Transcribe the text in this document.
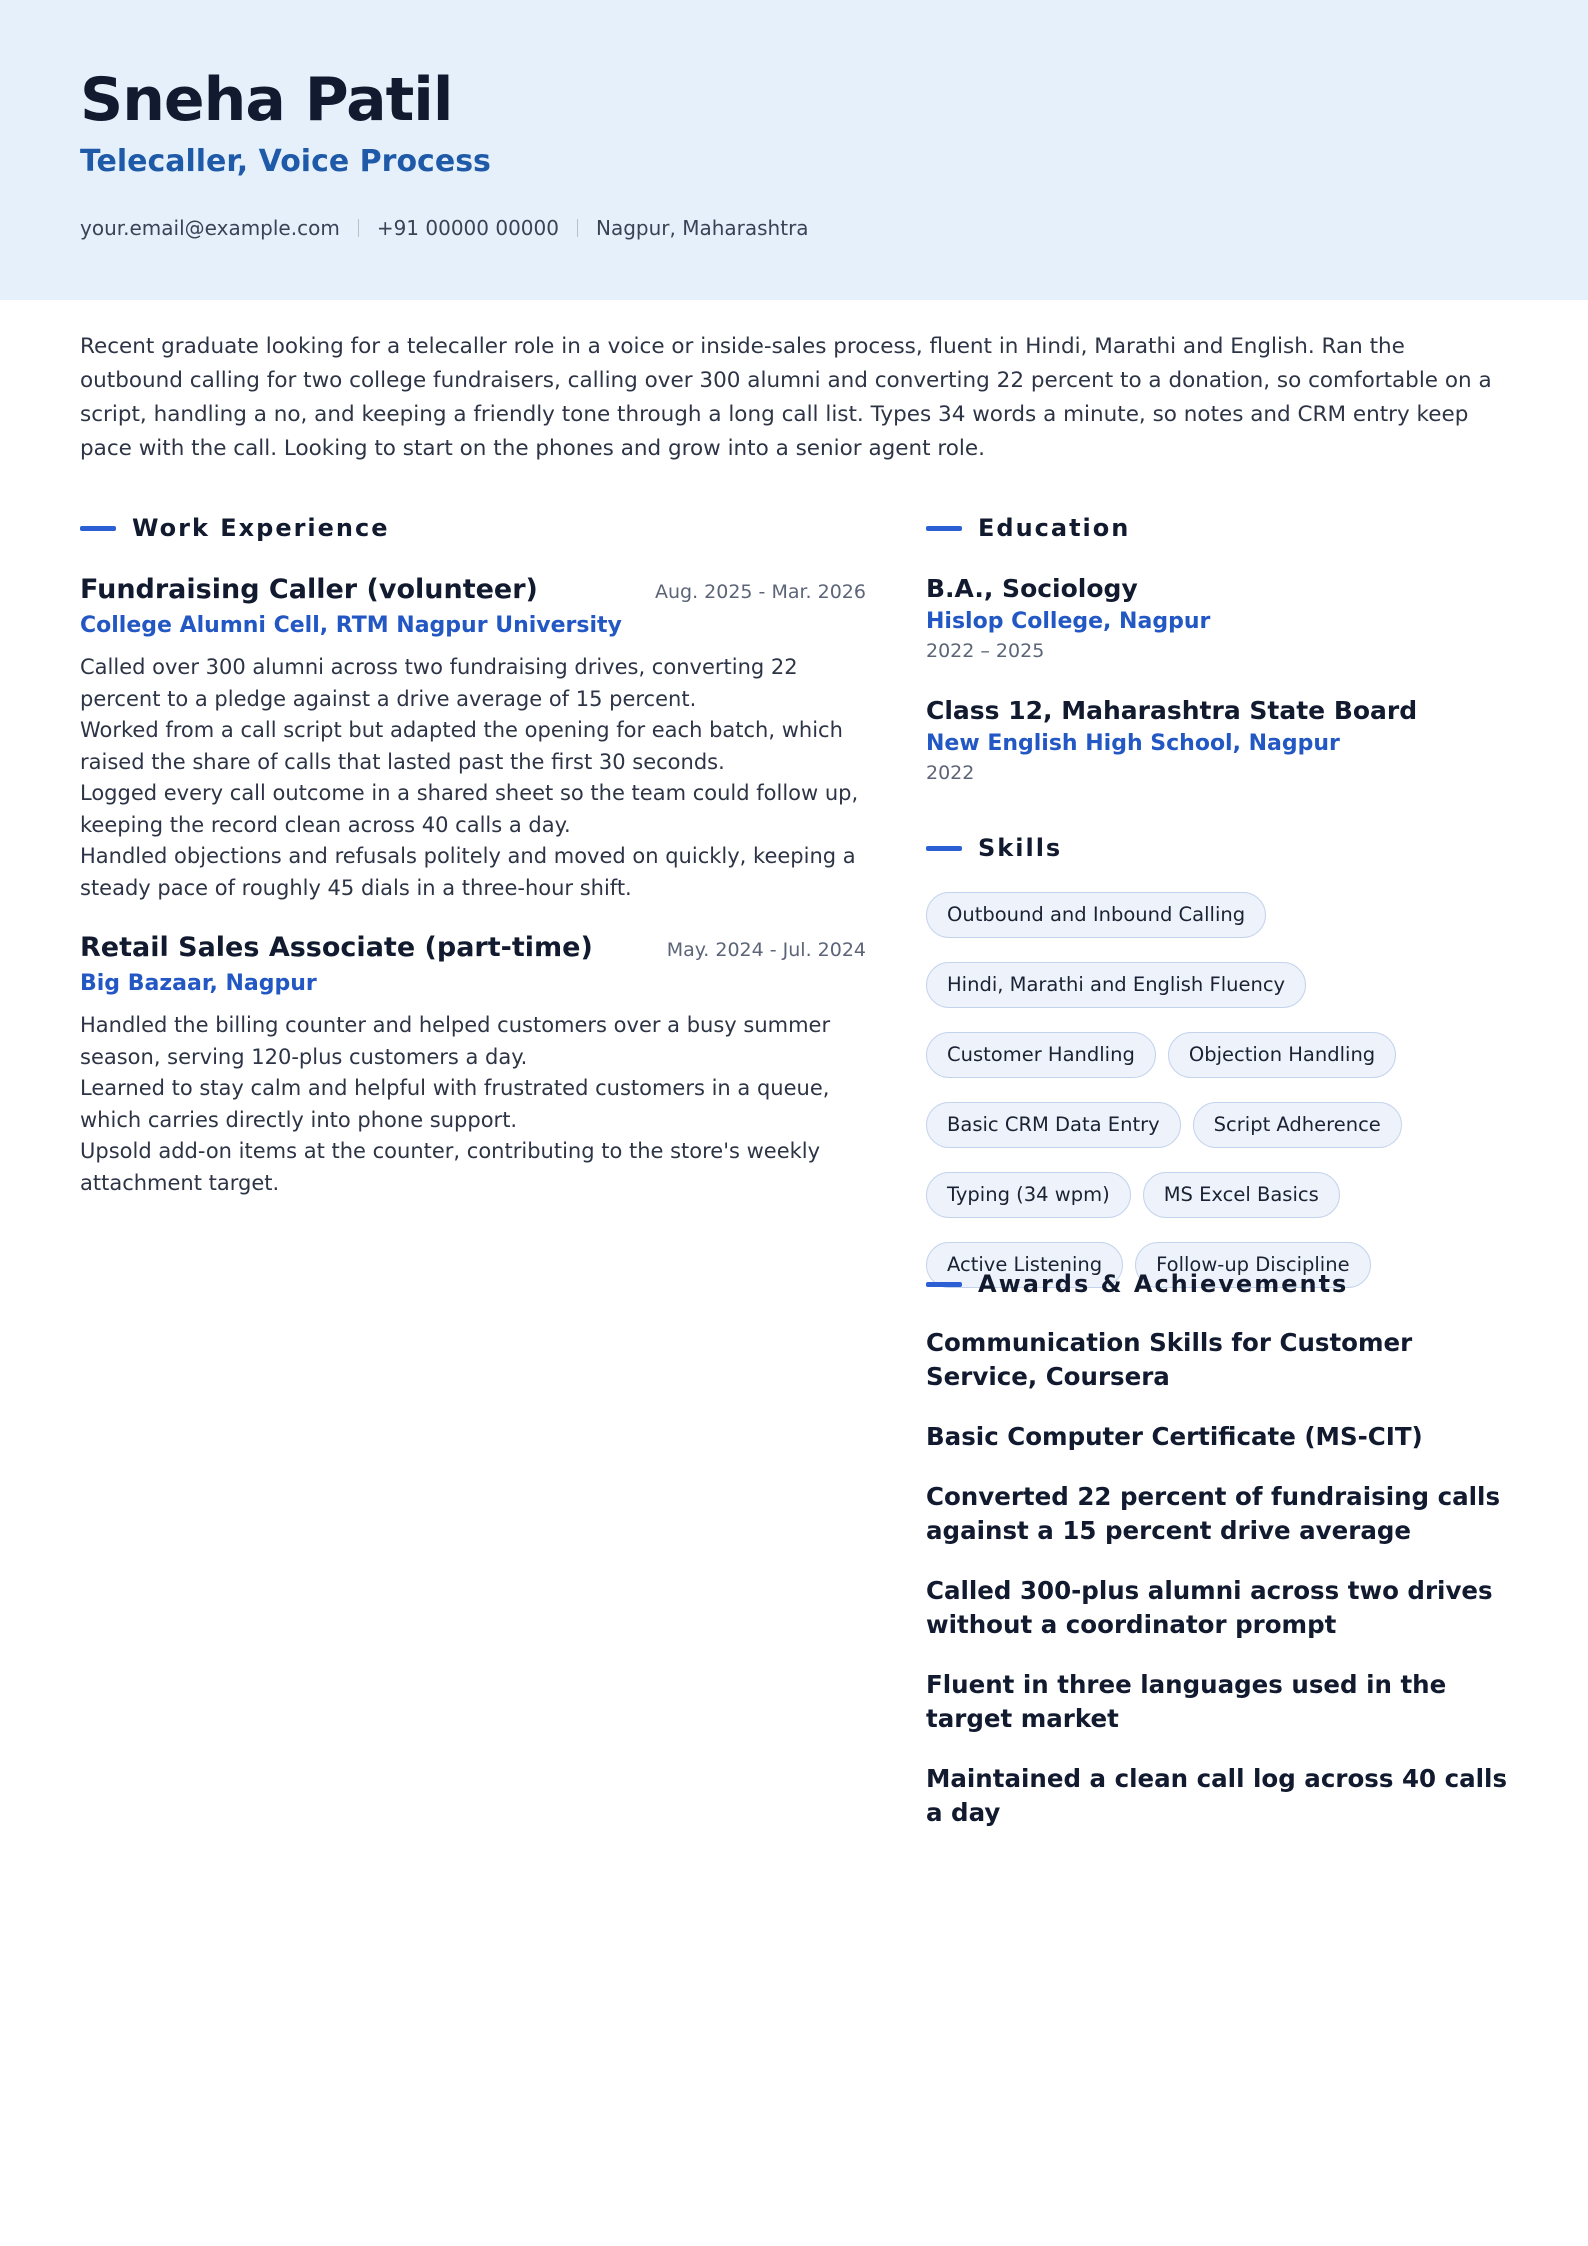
Sneha Patil
Telecaller, Voice Process
your.email@example.com +91 00000 00000 Nagpur, Maharashtra
Recent graduate looking for a telecaller role in a voice or inside-sales process, fluent in Hindi, Marathi and English. Ran the outbound calling for two college fundraisers, calling over 300 alumni and converting 22 percent to a donation, so comfortable on a script, handling a no, and keeping a friendly tone through a long call list. Types 34 words a minute, so notes and CRM entry keep pace with the call. Looking to start on the phones and grow into a senior agent role.
Work Experience
Fundraising Caller (volunteer)	Aug. 2025 - Mar. 2026
College Alumni Cell, RTM Nagpur University

Called over 300 alumni across two fundraising drives, converting 22 percent to a pledge against a drive average of 15 percent.

Worked from a call script but adapted the opening for each batch, which raised the share of calls that lasted past the first 30 seconds.

Logged every call outcome in a shared sheet so the team could follow up, keeping the record clean across 40 calls a day.

Handled objections and refusals politely and moved on quickly, keeping a steady pace of roughly 45 dials in a three-hour shift.

Retail Sales Associate (part-time)	May. 2024 - Jul. 2024
Big Bazaar, Nagpur

Handled the billing counter and helped customers over a busy summer season, serving 120-plus customers a day.

Learned to stay calm and helpful with frustrated customers in a queue, which carries directly into phone support.

Upsold add-on items at the counter, contributing to the store's weekly attachment target.

Education
B.A., Sociology
Hislop College, Nagpur
2022 – 2025
Class 12, Maharashtra State Board
New English High School, Nagpur
2022
Skills
Outbound and Inbound Calling
Hindi, Marathi and English Fluency
Customer Handling	Objection Handling
Basic CRM Data Entry	Script Adherence
Typing (34 wpm)	MS Excel Basics
Active Listening	Follow-up Discipline
Awards & Achievements
Communication Skills for Customer Service, Coursera
Basic Computer Certificate (MS-CIT)
Converted 22 percent of fundraising calls against a 15 percent drive average
Called 300-plus alumni across two drives without a coordinator prompt
Fluent in three languages used in the target market
Maintained a clean call log across 40 calls a day
